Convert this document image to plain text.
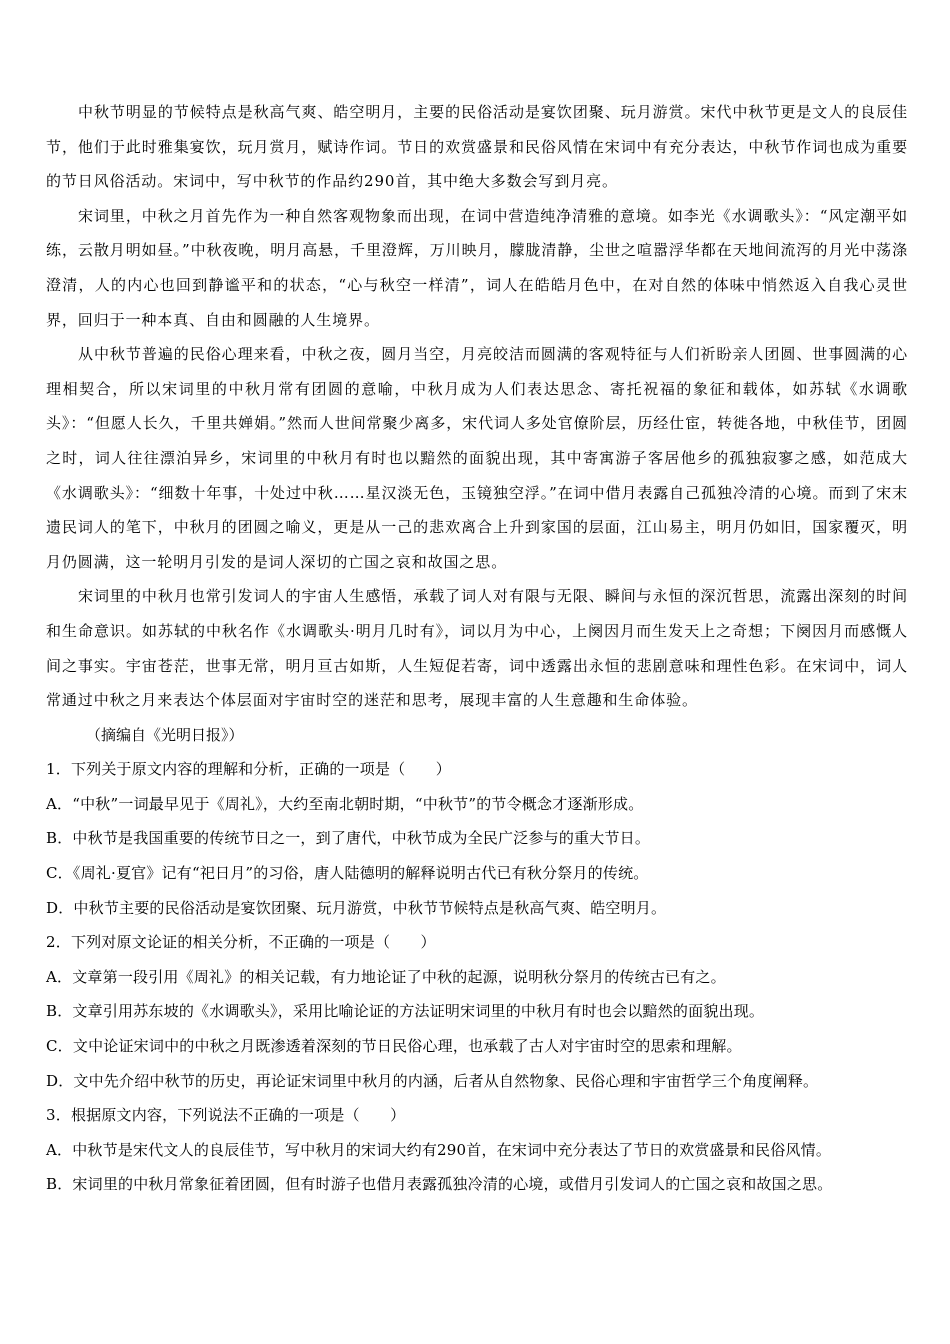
中秋节明显的节候特点是秋高气爽、皓空明月，主要的民俗活动是宴饮团聚、玩月游赏。宋代中秋节更是文人的良辰佳节，他们于此时雅集宴饮，玩月赏月，赋诗作词。节日的欢赏盛景和民俗风情在宋词中有充分表达，中秋节作词也成为重要的节日风俗活动。宋词中，写中秋节的作品约290首，其中绝大多数会写到月亮。

宋词里，中秋之月首先作为一种自然客观物象而出现，在词中营造纯净清雅的意境。如李光《水调歌头》：“风定潮平如练，云散月明如昼。”中秋夜晚，明月高悬，千里澄辉，万川映月，朦胧清静，尘世之喧嚣浮华都在天地间流泻的月光中荡涤澄清，人的内心也回到静谧平和的状态，“心与秋空一样清”，词人在皓皓月色中，在对自然的体味中悄然返入自我心灵世界，回归于一种本真、自由和圆融的人生境界。

从中秋节普遍的民俗心理来看，中秋之夜，圆月当空，月亮皎洁而圆满的客观特征与人们祈盼亲人团圆、世事圆满的心理相契合，所以宋词里的中秋月常有团圆的意喻，中秋月成为人们表达思念、寄托祝福的象征和载体，如苏轼《水调歌头》：“但愿人长久，千里共婵娟。”然而人世间常聚少离多，宋代词人多处官僚阶层，历经仕宦，转徙各地，中秋佳节，团圆之时，词人往往漂泊异乡，宋词里的中秋月有时也以黯然的面貌出现，其中寄寓游子客居他乡的孤独寂寥之感，如范成大《水调歌头》：“细数十年事，十处过中秋……星汉淡无色，玉镜独空浮。”在词中借月表露自己孤独冷清的心境。而到了宋末遗民词人的笔下，中秋月的团圆之喻义，更是从一己的悲欢离合上升到家国的层面，江山易主，明月仍如旧，国家覆灭，明月仍圆满，这一轮明月引发的是词人深切的亡国之哀和故国之思。

宋词里的中秋月也常引发词人的宇宙人生感悟，承载了词人对有限与无限、瞬间与永恒的深沉哲思，流露出深刻的时间和生命意识。如苏轼的中秋名作《水调歌头·明月几时有》，词以月为中心，上阕因月而生发天上之奇想；下阕因月而感慨人间之事实。宇宙苍茫，世事无常，明月亘古如斯，人生短促若寄，词中透露出永恒的悲剧意味和理性色彩。在宋词中，词人常通过中秋之月来表达个体层面对宇宙时空的迷茫和思考，展现丰富的人生意趣和生命体验。

（摘编自《光明日报》）

1．下列关于原文内容的理解和分析，正确的一项是（　　）

A．“中秋”一词最早见于《周礼》，大约至南北朝时期，“中秋节”的节令概念才逐渐形成。

B．中秋节是我国重要的传统节日之一，到了唐代，中秋节成为全民广泛参与的重大节日。

C．《周礼·夏官》记有“祀日月”的习俗，唐人陆德明的解释说明古代已有秋分祭月的传统。

D．中秋节主要的民俗活动是宴饮团聚、玩月游赏，中秋节节候特点是秋高气爽、皓空明月。

2．下列对原文论证的相关分析，不正确的一项是（　　）

A．文章第一段引用《周礼》的相关记载，有力地论证了中秋的起源，说明秋分祭月的传统古已有之。

B．文章引用苏东坡的《水调歌头》，采用比喻论证的方法证明宋词里的中秋月有时也会以黯然的面貌出现。

C．文中论证宋词中的中秋之月既渗透着深刻的节日民俗心理，也承载了古人对宇宙时空的思索和理解。

D．文中先介绍中秋节的历史，再论证宋词里中秋月的内涵，后者从自然物象、民俗心理和宇宙哲学三个角度阐释。

3．根据原文内容，下列说法不正确的一项是（　　）

A．中秋节是宋代文人的良辰佳节，写中秋月的宋词大约有290首，在宋词中充分表达了节日的欢赏盛景和民俗风情。

B．宋词里的中秋月常象征着团圆，但有时游子也借月表露孤独冷清的心境，或借月引发词人的亡国之哀和故国之思。
